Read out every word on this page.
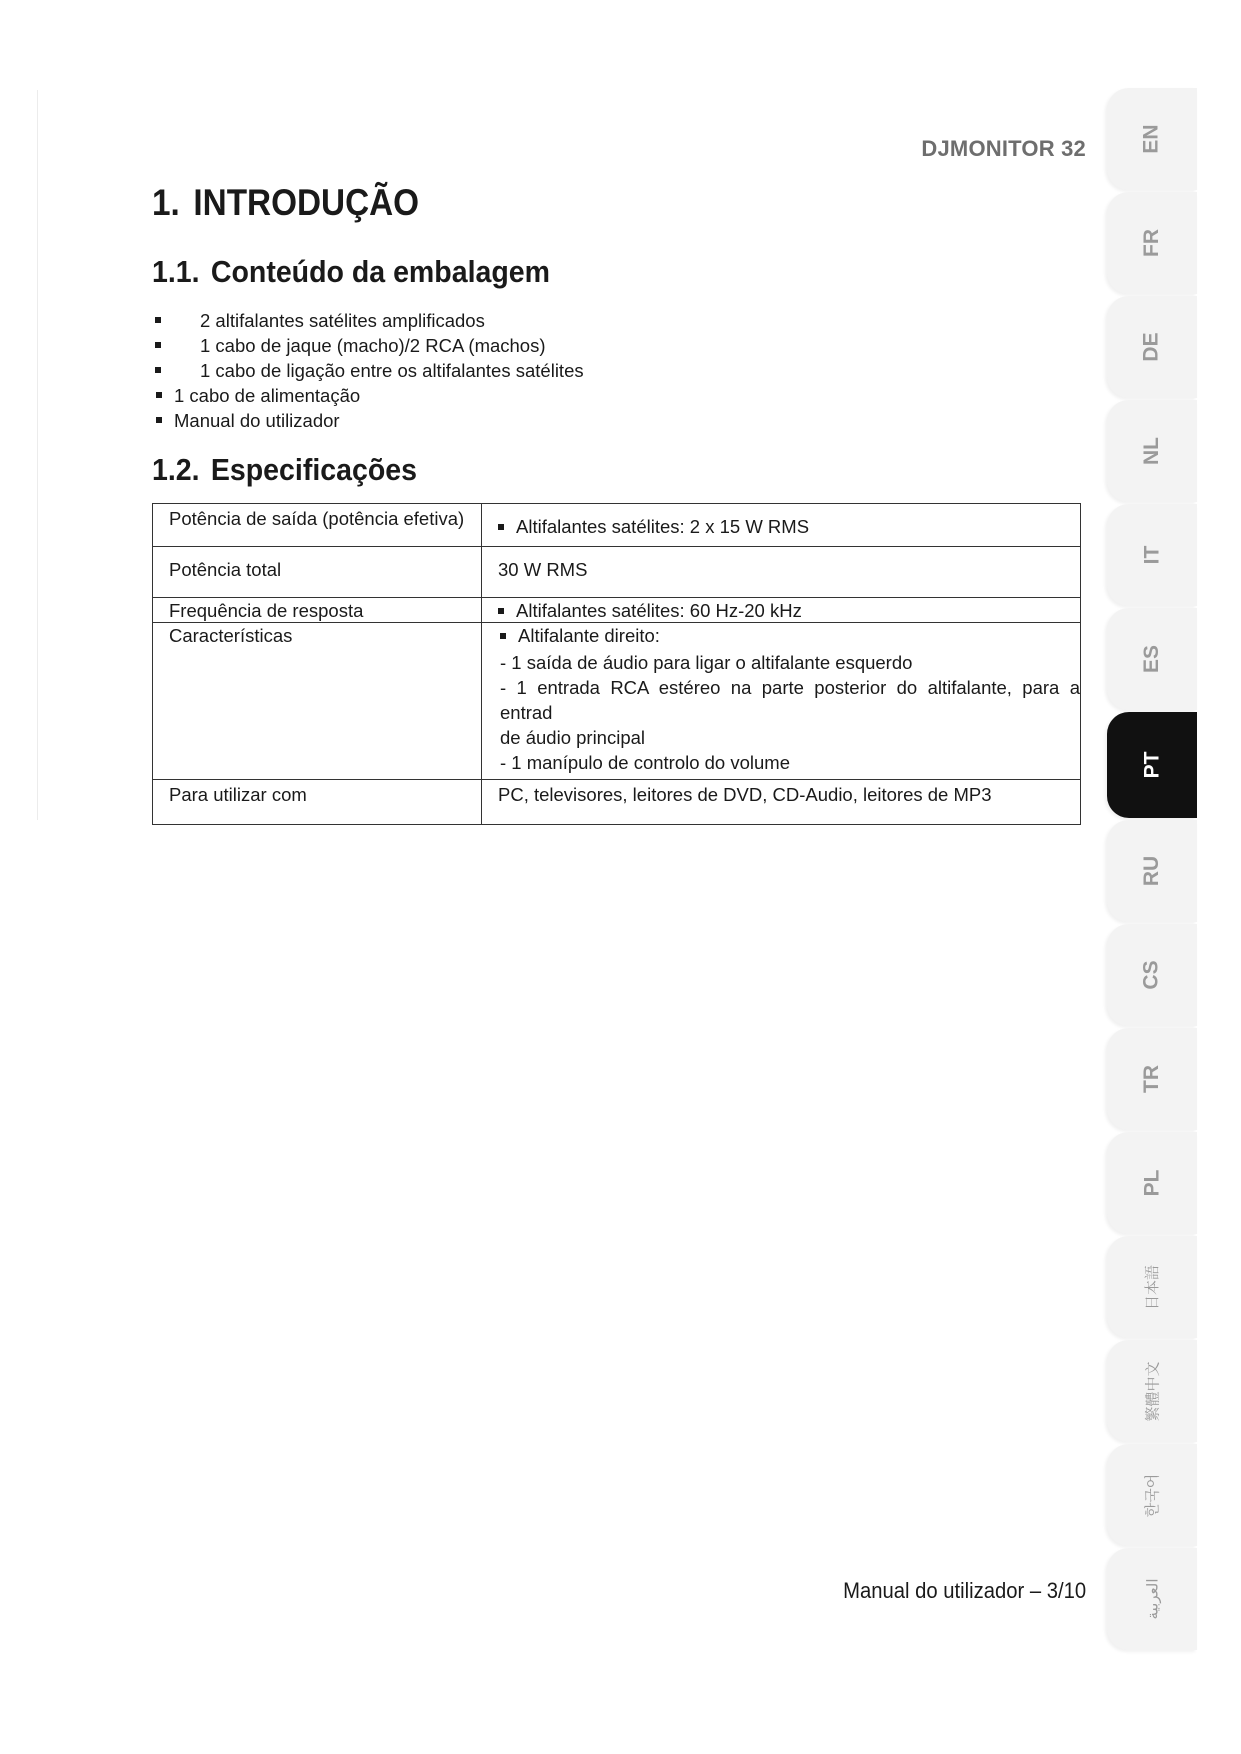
DJMONITOR 32
1. INTRODUÇÃO
1.1. Conteúdo da embalagem
2 altifalantes satélites amplificados
1 cabo de jaque (macho)/2 RCA (machos)
1 cabo de ligação entre os altifalantes satélites
1 cabo de alimentação
Manual do utilizador
1.2. Especificações
Potência de saída (potência efetiva)	Altifalantes satélites: 2 x 15 W RMS

Potência total	30 W RMS
Frequência de resposta	Altifalantes satélites: 60 Hz-20 kHz
Características	Altifalante direito:
- 1 saída de áudio para ligar o altifalante esquerdo
- 1 entrada RCA estéreo na parte posterior do altifalante, para a entrad
de áudio principal
- 1 manípulo de controlo do volume

Para utilizar com	PC, televisores, leitores de DVD, CD-Audio, leitores de MP3
Manual do utilizador – 3/10
EN
FR
DE
NL
IT
ES
PT
RU
CS
TR
PL
日本語
繁體中文
한국어
العربية
